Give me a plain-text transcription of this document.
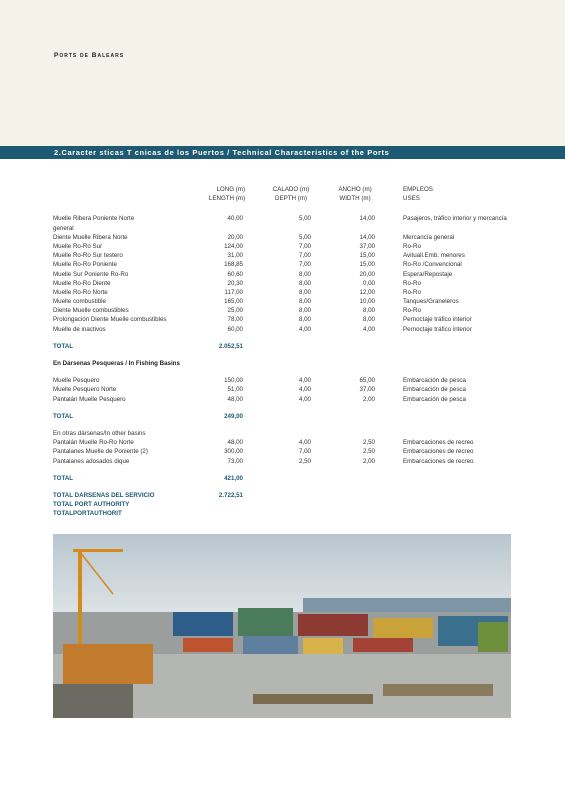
Ports de Balears
2.Caracter sticas T cnicas de los Puertos / Technical Characteristics of the Ports
LONG (m)	CALADO (m)	ANCHO (m)	EMPLEOS
LENGTH (m)	DEPTH (m)	WIDTH (m)	USES
Muelle Ribera Poniente Norte	40,00	5,00	14,00	Pasajeros, tráfico interior y mercancía
general
Diente Muelle Ribera Norte	20,00	5,00	14,00	Mercancía general
Muelle Ro-Ro Sur	124,00	7,00	37,00	Ro-Ro
Muelle Ro-Ro Sur testero	31,00	7,00	15,00	Avituall.Emb. menores
Muelle Ro-Ro Poniente	168,85	7,00	15,00	Ro-Ro /Convencional
Muelle Sur Poniente Ro-Ro	60,60	8,00	20,00	Espera/Repostaje
Muelle Ro-Ro Diente	20,30	8,00	0,00	Ro-Ro
Muelle Ro-Ro Norte	117,00	8,00	12,00	Ro-Ro
Muelle combustible	165,00	8,00	10,00	Tanques/Graneleros
Diente Muelle combustibles	25,00	8,00	8,00	Ro-Ro
Prolongación Diente Muelle combustibles	78,00	8,00	8,00	Pernoctaje tráfico interior
Muelle de inactivos	60,00	4,00	4,00	Pernoctaje tráfico interior
TOTAL	2.052,51
En Dársenas Pesqueras / In Fishing Basins
Muelle Pesquero	150,00	4,00	65,00	Embarcación de pesca
Muelle Pesquero Norte	51,00	4,00	37,00	Embarcación de pesca
Pantalán Muelle Pesquero	48,00	4,00	2,00	Embarcación de pesca
TOTAL	249,00
En otras dársenas/In other basins
Pantalán Muelle Ro-Ro Norte	48,00	4,00	2,50	Embarcaciones de recreo
Pantalanes Muelle de Poniente (2)	300,00	7,00	2,50	Embarcaciones de recreo
Pantalanes adosados dique	73,00	2,50	2,00	Embarcaciones de recreo
TOTAL	421,00
TOTAL DARSENAS DEL SERVICIO	2.722,51
TOTAL PORT AUTHORITY
TOTALPORTAUTHORIT
